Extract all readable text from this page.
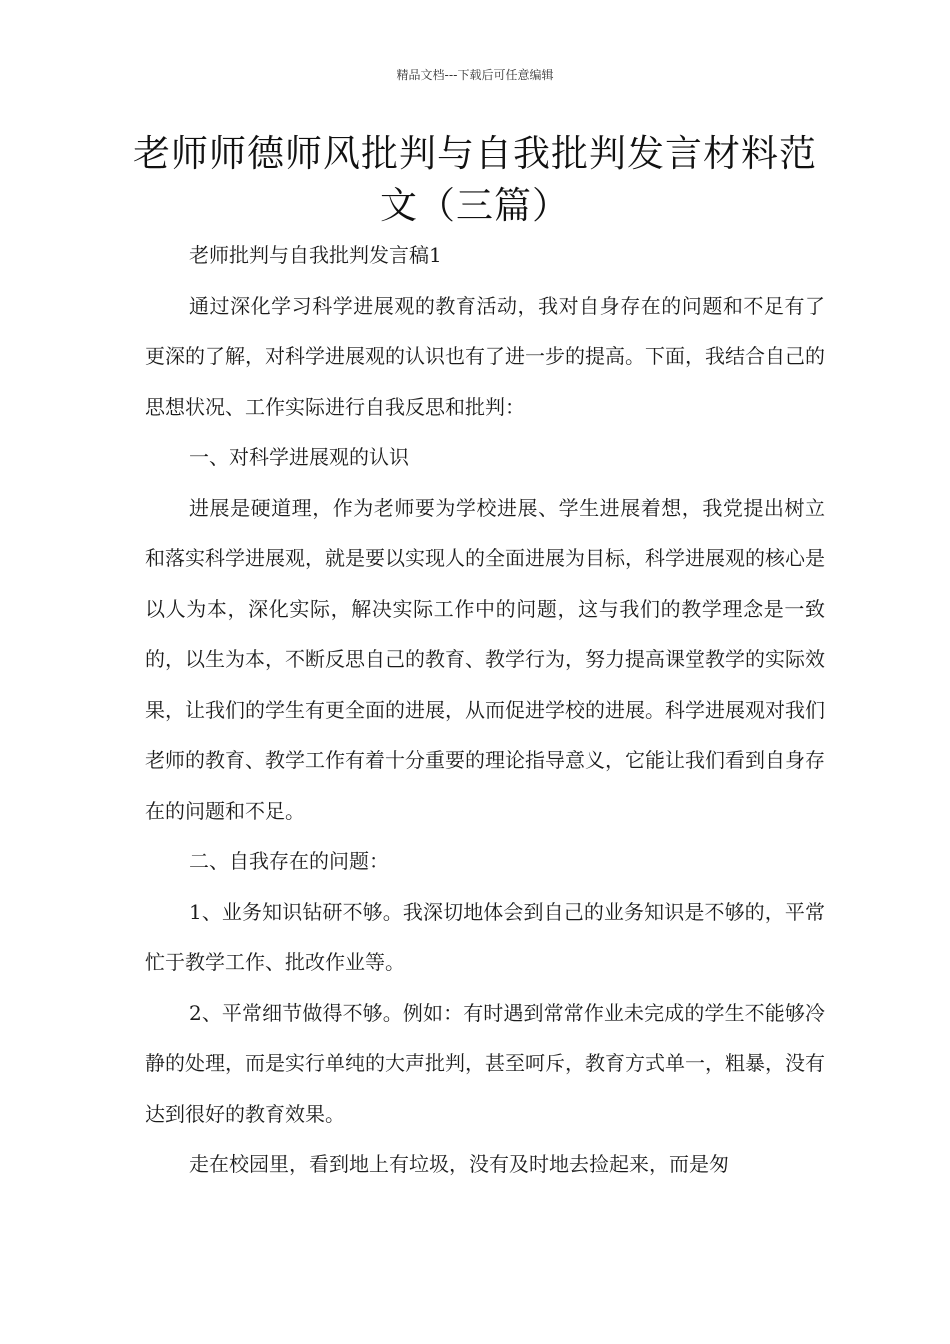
精品文档---下载后可任意编辑
老师师德师风批判与自我批判发言材料范文（三篇）

老师批判与自我批判发言稿1

通过深化学习科学进展观的教育活动，我对自身存在的问题和不足有了更深的了解，对科学进展观的认识也有了进一步的提高。下面，我结合自己的思想状况、工作实际进行自我反思和批判：

一、对科学进展观的认识

进展是硬道理，作为老师要为学校进展、学生进展着想，我党提出树立和落实科学进展观，就是要以实现人的全面进展为目标，科学进展观的核心是以人为本，深化实际，解决实际工作中的问题，这与我们的教学理念是一致的，以生为本，不断反思自己的教育、教学行为，努力提高课堂教学的实际效果，让我们的学生有更全面的进展，从而促进学校的进展。科学进展观对我们老师的教育、教学工作有着十分重要的理论指导意义，它能让我们看到自身存在的问题和不足。

二、自我存在的问题：

1、业务知识钻研不够。我深切地体会到自己的业务知识是不够的，平常忙于教学工作、批改作业等。

2、平常细节做得不够。例如：有时遇到常常作业未完成的学生不能够冷静的处理，而是实行单纯的大声批判，甚至呵斥，教育方式单一，粗暴，没有达到很好的教育效果。

走在校园里，看到地上有垃圾，没有及时地去捡起来，而是匆
